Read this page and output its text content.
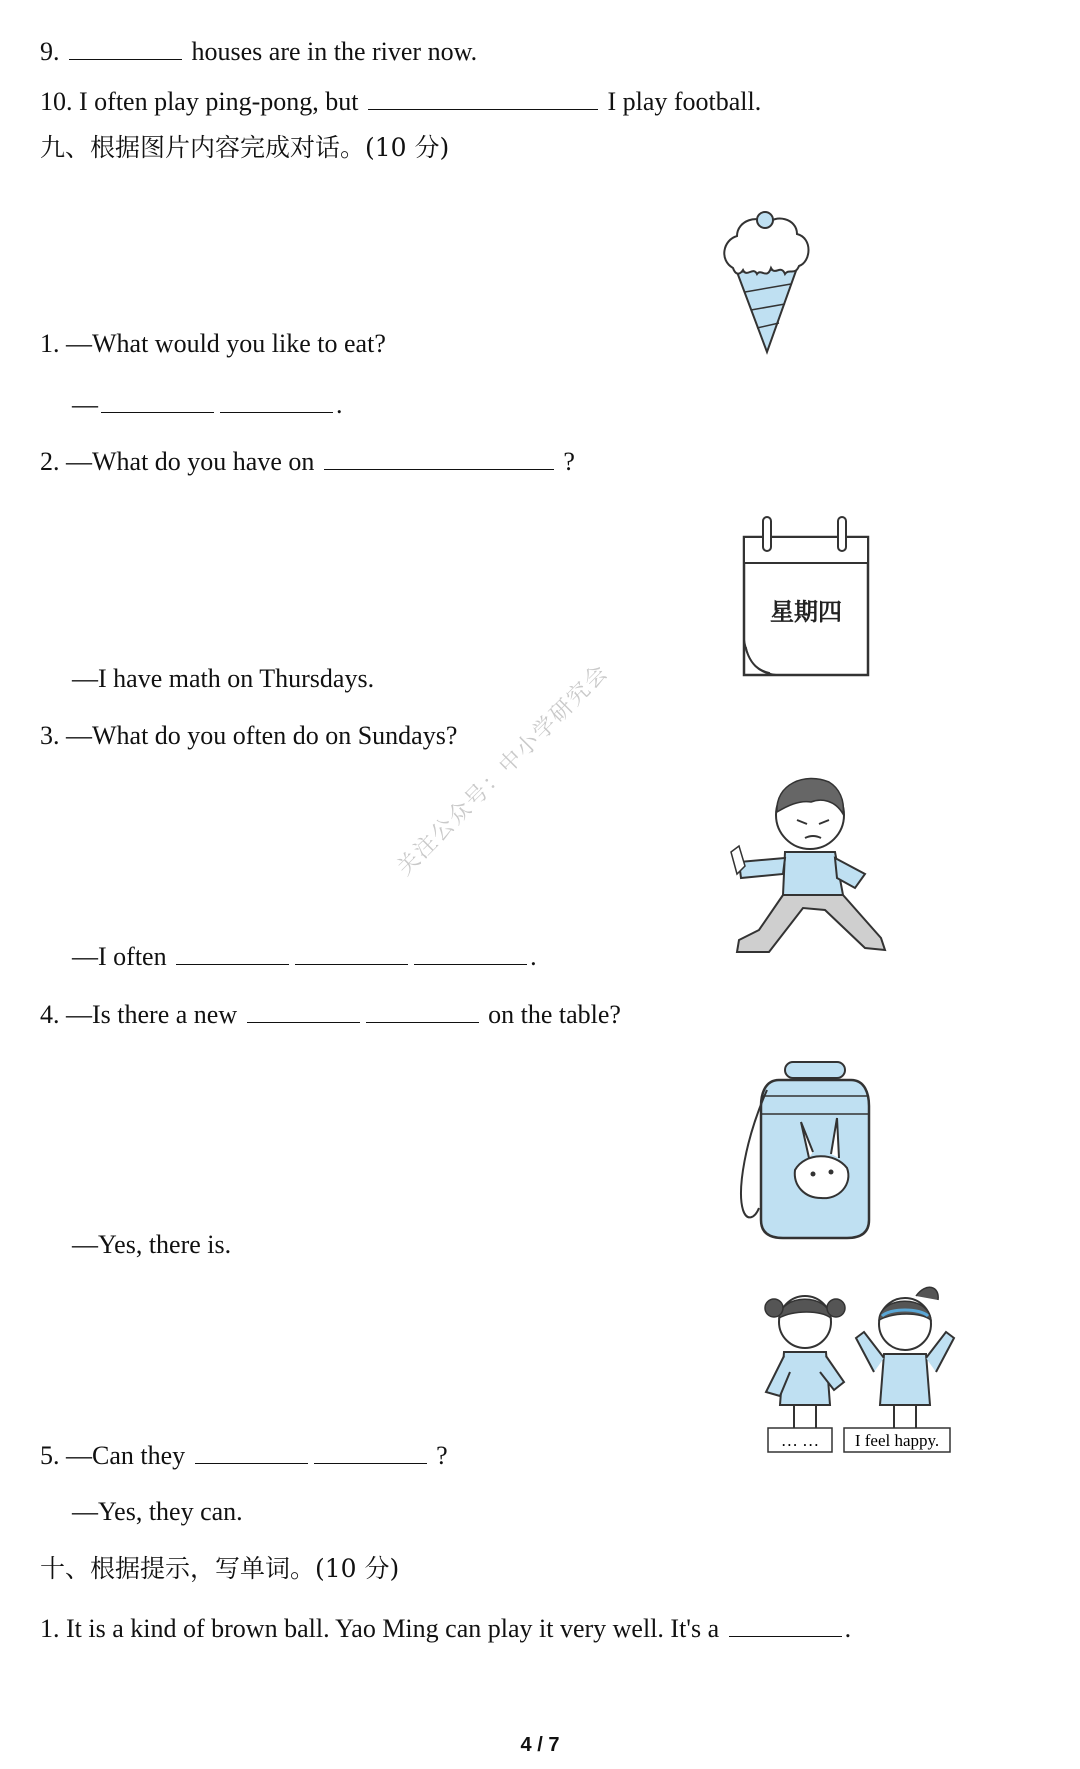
9.	houses are in the river now.
10. I often play ping-pong, but	I play football.
九、根据图片内容完成对话。(10 分)
1. —What would you like to eat?
—	.
2. —What do you have on	?
星期四
—I have math on Thursdays.
3. —What do you often do on Sundays?
关注公众号：中小学研究会
—I often	.
4. —Is there a new	on the table?
—Yes, there is.
… … I feel happy.
5. —Can they	?
—Yes, they can.
十、根据提示，写单词。(10 分)
1. It is a kind of brown ball. Yao Ming can play it very well. It's a	.
4 / 7
